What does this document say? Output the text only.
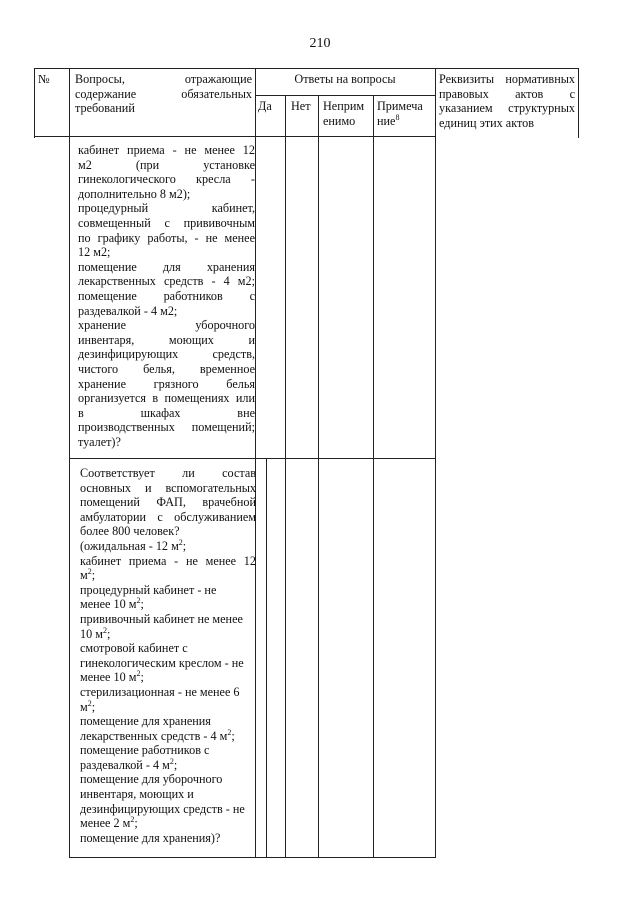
210
№ Вопросы, отражающие
содержание обязательных
требований
Ответы на вопросы
Да Нет Неприм
енимо
Примеча
ние$^8$
Реквизиты нормативных
правовых актов с
указанием структурных
единиц этих актов
кабинет приема - не менее 12
м2 (при установке
гинекологического кресла -
дополнительно 8 м2);
процедурный кабинет,
совмещенный с прививочным
по графику работы, - не менее
12 м2;
помещение для хранения
лекарственных средств - 4 м2;
помещение работников с
раздевалкой - 4 м2;
хранение уборочного
инвентаря, моющих и
дезинфицирующих средств,
чистого белья, временное
хранение грязного белья
организуется в помещениях или
в шкафах вне
производственных помещений;
туалет)?
Соответствует ли состав
основных и вспомогательных
помещений ФАП, врачебной
амбулатории с обслуживанием
более 800 человек?
(ожидальная - 12 $м^2$;
кабинет приема - не менее 12
$м^2$;
процедурный кабинет - не
менее 10 $м^2$;
прививочный кабинет не менее
10 $м^2$;
смотровой кабинет с
гинекологическим креслом - не
менее 10 $м^2$;
стерилизационная - не менее 6
$м^2$;
помещение для хранения
лекарственных средств - 4 $м^2$;
помещение работников с
раздевалкой - 4 $м^2$;
помещение для уборочного
инвентаря, моющих и
дезинфицирующих средств - не
менее 2 $м^2$;
помещение для хранения)?
